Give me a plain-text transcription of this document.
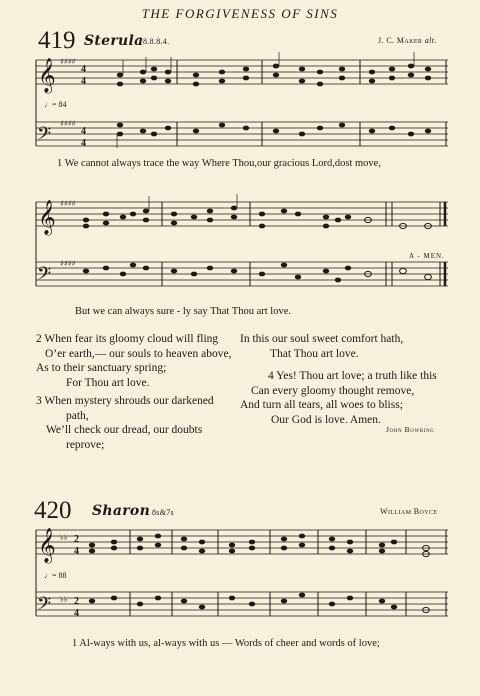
THE FORGIVENESS OF SINS
419 Sterula 8.8.8.4.	J. C. Maker alt.
𝄞 ♯♯♯♯
4
4
𝄢
♯♯♯♯
4
4
♩= 84
1 We cannot always trace the way Where Thou,our gracious Lord,dost move,
𝄞 ♯♯♯♯
𝄢
♯♯♯♯
A - MEN.
But we can always sure - ly say That Thou art love.
2 When fear its gloomy cloud will fling
O’er earth,— our souls to heaven above,
As to their sanctuary spring;
For Thou art love.
3 When mystery shrouds our darkened
path,
We’ll check our dread, our doubts
reprove;
In this our soul sweet comfort hath,
That Thou art love.
4 Yes! Thou art love; a truth like this
Can every gloomy thought remove,
And turn all tears, all woes to bliss;
Our God is love. Amen.
John Bowring
420 Sharon 8s&7s	William Boyce
𝄞 ♭♭ 2
4
𝄢 ♭♭ 2
4
♩= 88
1 Al-ways with us, al-ways with us — Words of cheer and words of love;
